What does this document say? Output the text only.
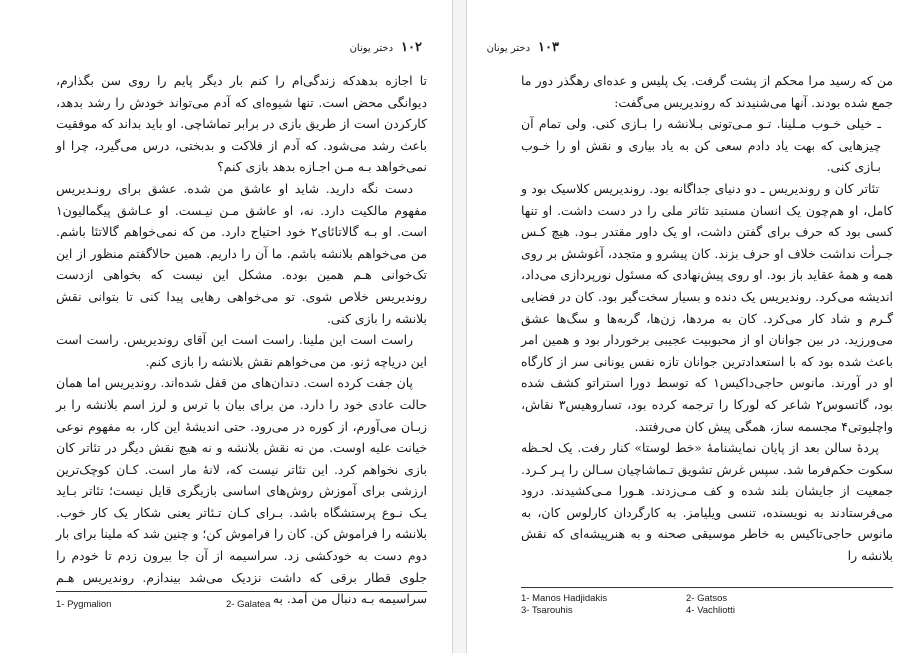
۱۰۲
دختر یونان

تا اجازه بدهدکه زندگی‌ام را کنم بار دیگر پایم را روی سن بگذارم، دیوانگی محض است. تنها شیوه‌ای که آدم می‌تواند خودش را رشد بدهد، کارکردن است از طریق بازی در برابر تماشاچی. او باید بداند که موفقیت باعث رشد می‌شود. که آدم از فلاکت و بدبختی، درس می‌گیرد، چرا او نمی‌خواهد بـه مـن اجـازه بدهد بازی کنم؟

دست نگه دارید. شاید او عاشق من شده. عشق برای رونـدیریس مفهوم مالکیت دارد. نه، او عاشق مـن نیـست. او عـاشق پیگمالیون۱ است. او بـه گالاتائای۲ خود احتیاج دارد. من که نمی‌خواهم گالاتئا باشم. من می‌خواهم بلانشه باشم. ما آن را داریم. همین حالاگفتم منظور از این تک‌خوانی هـم همین بوده. مشکل این نیست که بخواهی ازدست روندیریس خلاص شوی. تو می‌خواهی رهایی پیدا کنی تا بتوانی نقش بلانشه را بازی کنی.

راست است این ملینا. راست است این آقای روندیریس. راست است این دریاچه ژنو. من می‌خواهم نقش بلانشه را بازی کنم.

پان جفت کرده است. دندان‌های من قفل شده‌اند. روندیریس اما همان حالت عادی خود را دارد. من برای بیان با ترس و لرز اسم بلانشه را بر زبـان می‌آورم، از کوره در می‌رود. حتی اندیشهٔ این کار، به مفهوم نوعی خیانت علیه اوست. من نه نقش بلانشه و نه هیچ نقش دیگر در تئاتر کان بازی نخواهم کرد. این تئاتر نیست که، لانهٔ مار است. کـان کوچک‌ترین ارزشی برای آموزش روش‌های اساسی بازیگری قایل نیست؛ تئاتر بـاید یـک نـوع پرستشگاه باشد. بـرای کـان تـئاتر یعنی شکار یک کار خوب. بلانشه را فراموش کن. کان را فراموش کن؛ و چنین شد که ملینا برای بار دوم دست به خودکشی زد. سراسیمه از آن جا بیرون زدم تا خودم را جلوی قطار برقی که داشت نزدیک می‌شد بیندازم. روندیریس هـم سراسیمه بـه دنبال من آمد. به

1- Pygmalion	2- Galatea
۱۰۳
دختر یونان

من که رسید مرا محکم از پشت گرفت. یک پلیس و عده‌ای رهگذر دور ما جمع شده بودند. آنها می‌شنیدند که روندیریس می‌گفت:

ـ خیلی خـوب مـلینا. تـو مـی‌تونی بـلانشه را بـازی کنی. ولی تمام آن چیزهایی که بهت یاد دادم سعی کن به یاد بیاری و نقش او را خـوب بـازی کنی.

تئاتر کان و روندیریس ـ دو دنیای جداگانه بود. روندیریس کلاسیک بود و کامل، او هم‌چون یک انسان مستبد تئاتر ملی را در دست داشت. او تنها کسی بود که حرف برای گفتن داشت، او یک داور مقتدر بـود. هیچ کـس جـرأت نداشت خلاف او حرف بزند. کان پیشرو و متجدد، آغوشش بر روی همه و همهٔ عقاید باز بود. او روی پیش‌نهادی که مسئول نورپردازی می‌داد، اندیشه می‌کرد. روندیریس یک دنده و بسیار سخت‌گیر بود. کان در فضایی گـرم و شاد کار می‌کرد. کان به مردها، زن‌ها، گربه‌ها و سگ‌ها عشق می‌ورزید. در بین جوانان او از محبوبیت عجیبی برخوردار بود و همین امر باعث شده بود که با استعدادترین جوانان تازه نفس یونانی سر از کارگاه او در آورند. مانوس حاجی‌داکیس۱ که توسط دورا استراتو کشف شده بود، گاتسوس۲ شاعر که لورکا را ترجمه کرده بود، تساروهیس۳ نقاش، واچلیوتی۴ مجسمه ساز، همگی پیش کان می‌رفتند.

پردهٔ سالن بعد از پایان نمایشنامهٔ «خط لوستا» کنار رفت. یک لحـظه سکوت حکم‌فرما شد. سپس غرش تشویق تـماشاچیان سـالن را پـر کـرد. جمعیت از جایشان بلند شده و کف مـی‌زدند. هـورا مـی‌کشیدند. درود می‌فرستادند به نویسنده، تنسی ویلیامز. به کارگردان کارلوس کان، به مانوس حاجی‌تاکیس به خاطر موسیقی صحنه و به هنرپیشه‌ای که نقش بلانشه را

1- Manos Hadjidakis	2- Gatsos
3- Tsarouhis	4- Vachliotti
